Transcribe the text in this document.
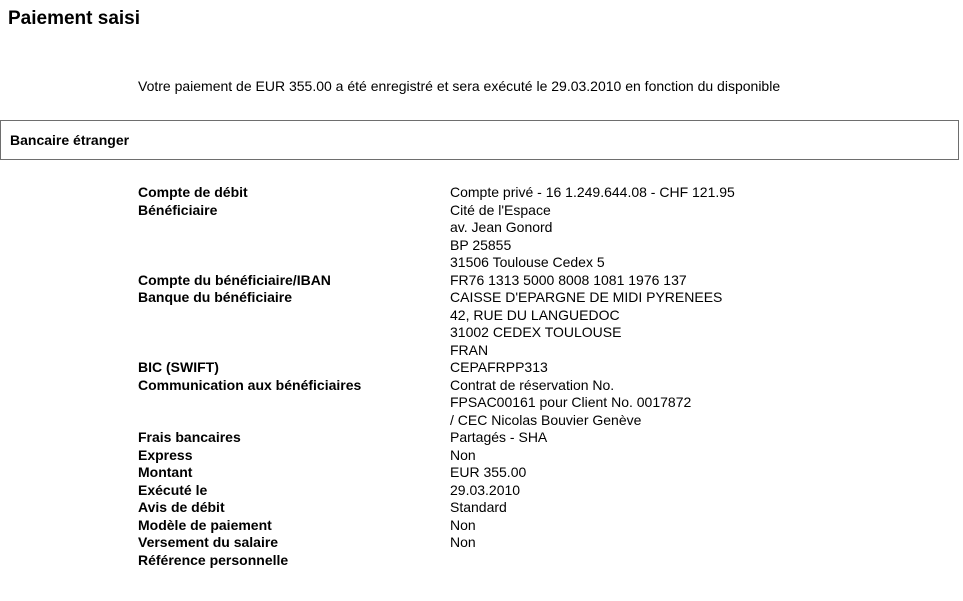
Paiement saisi
Votre paiement de EUR 355.00 a été enregistré et sera exécuté le 29.03.2010 en fonction du disponible
Bancaire étranger
Compte de débit	Compte privé - 16 1.249.644.08 - CHF 121.95
Bénéficiaire	Cité de l'Espace
av. Jean Gonord
BP 25855
31506 Toulouse Cedex 5
Compte du bénéficiaire/IBAN	FR76 1313 5000 8008 1081 1976 137
Banque du bénéficiaire	CAISSE D'EPARGNE DE MIDI PYRENEES
42, RUE DU LANGUEDOC
31002 CEDEX TOULOUSE
FRAN
BIC (SWIFT)	CEPAFRPP313
Communication aux bénéficiaires	Contrat de réservation No.
FPSAC00161 pour Client No. 0017872
/ CEC Nicolas Bouvier Genève
Frais bancaires	Partagés - SHA
Express	Non
Montant	EUR 355.00
Exécuté le	29.03.2010
Avis de débit	Standard
Modèle de paiement	Non
Versement du salaire	Non
Référence personnelle
